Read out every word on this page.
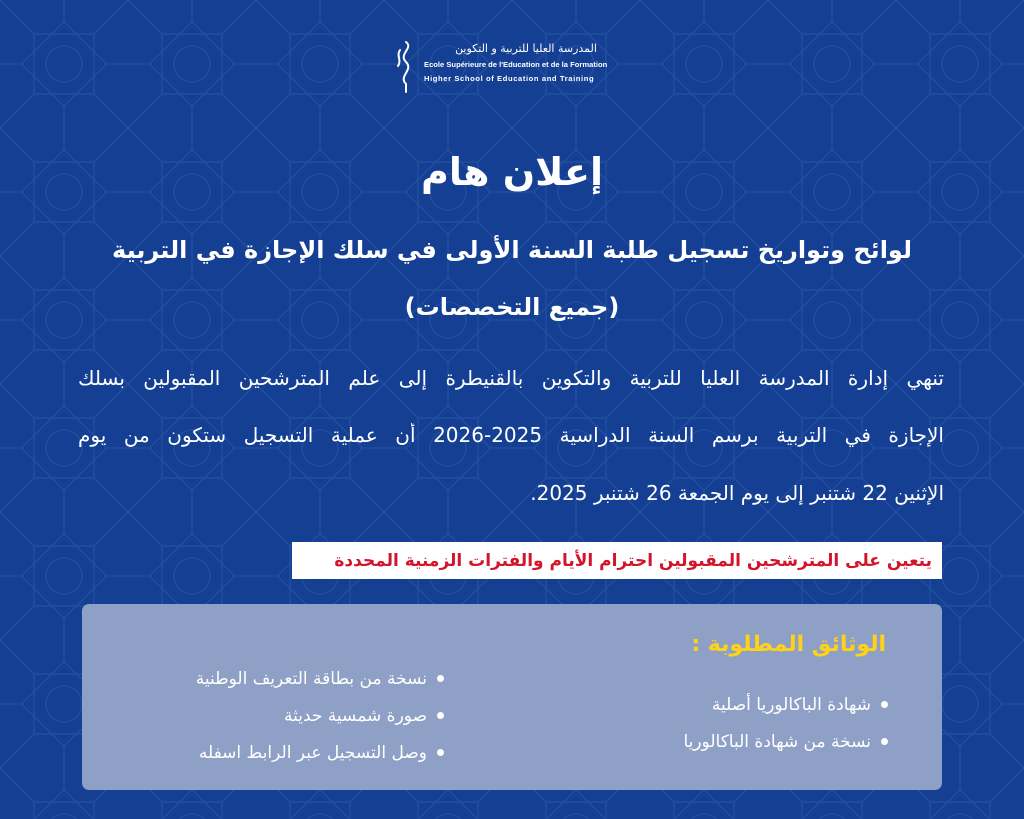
المدرسة العليا للتربية و التكوين
Ecole Supérieure de l'Education et de la Formation
Higher School of Education and Training
إعلان هام
لوائح وتواريخ تسجيل طلبة السنة الأولى في سلك الإجازة في التربية
(جميع التخصصات)
تنهي إدارة المدرسة العليا للتربية والتكوين بالقنيطرة إلى علم المترشحين المقبولين بسلك
الإجازة في التربية برسم السنة الدراسية 2025-2026 أن عملية التسجيل ستكون من يوم
الإثنين 22 شتنبر إلى يوم الجمعة 26 شتنبر 2025.
يتعين على المترشحين المقبولين احترام الأيام والفترات الزمنية المحددة
الوثائق المطلوبة :
شهادة الباكالوريا أصلية
نسخة من شهادة الباكالوريا
نسخة من بطاقة التعريف الوطنية
صورة شمسية حديثة
وصل التسجيل عبر الرابط اسفله
